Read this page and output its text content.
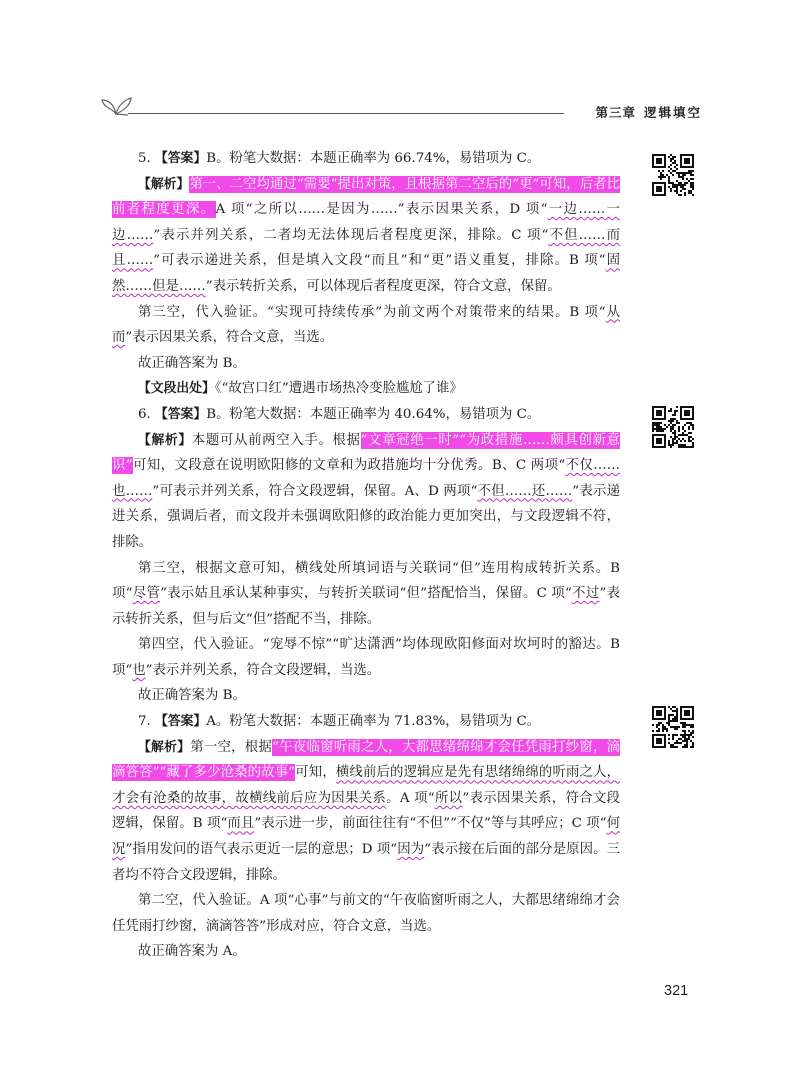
第三章 逻辑填空

5. 【答案】B。粉笔大数据：本题正确率为 66.74%，易错项为 C。

【解析】第一、二空均通过“需要”提出对策，且根据第二空后的“更”可知，后者比前者程度更深。A 项“之所以……是因为……”表示因果关系，D 项“一边……一边……”表示并列关系，二者均无法体现后者程度更深，排除。C 项“不但……而且……”可表示递进关系，但是填入文段“而且”和“更”语义重复，排除。B 项“固然……但是……”表示转折关系，可以体现后者程度更深，符合文意，保留。

第三空，代入验证。“实现可持续传承”为前文两个对策带来的结果。B 项“从而”表示因果关系，符合文意，当选。

故正确答案为 B。

【文段出处】《“故宫口红”遭遇市场热冷变脸尴尬了谁》

6. 【答案】B。粉笔大数据：本题正确率为 40.64%，易错项为 C。

【解析】本题可从前两空入手。根据“文章冠绝一时”“为政措施……颇具创新意识”可知，文段意在说明欧阳修的文章和为政措施均十分优秀。B、C 两项“不仅……也……”可表示并列关系，符合文段逻辑，保留。A、D 两项“不但……还……”表示递进关系，强调后者，而文段并未强调欧阳修的政治能力更加突出，与文段逻辑不符，排除。

第三空，根据文意可知，横线处所填词语与关联词“但”连用构成转折关系。B 项“尽管”表示姑且承认某种事实，与转折关联词“但”搭配恰当，保留。C 项“不过”表示转折关系，但与后文“但”搭配不当，排除。

第四空，代入验证。“宠辱不惊”“旷达潇洒”均体现欧阳修面对坎坷时的豁达。B 项“也”表示并列关系，符合文段逻辑，当选。

故正确答案为 B。

7. 【答案】A。粉笔大数据：本题正确率为 71.83%，易错项为 C。

【解析】第一空，根据“午夜临窗听雨之人，大都思绪绵绵才会任凭雨打纱窗，滴滴答答”“藏了多少沧桑的故事”可知，横线前后的逻辑应是先有思绪绵绵的听雨之人，才会有沧桑的故事，故横线前后应为因果关系。A 项“所以”表示因果关系，符合文段逻辑，保留。B 项“而且”表示进一步，前面往往有“不但”“不仅”等与其呼应；C 项“何况”指用发问的语气表示更近一层的意思；D 项“因为”表示接在后面的部分是原因。三者均不符合文段逻辑，排除。

第二空，代入验证。A 项“心事”与前文的“午夜临窗听雨之人，大都思绪绵绵才会任凭雨打纱窗，滴滴答答”形成对应，符合文意，当选。

故正确答案为 A。

321
